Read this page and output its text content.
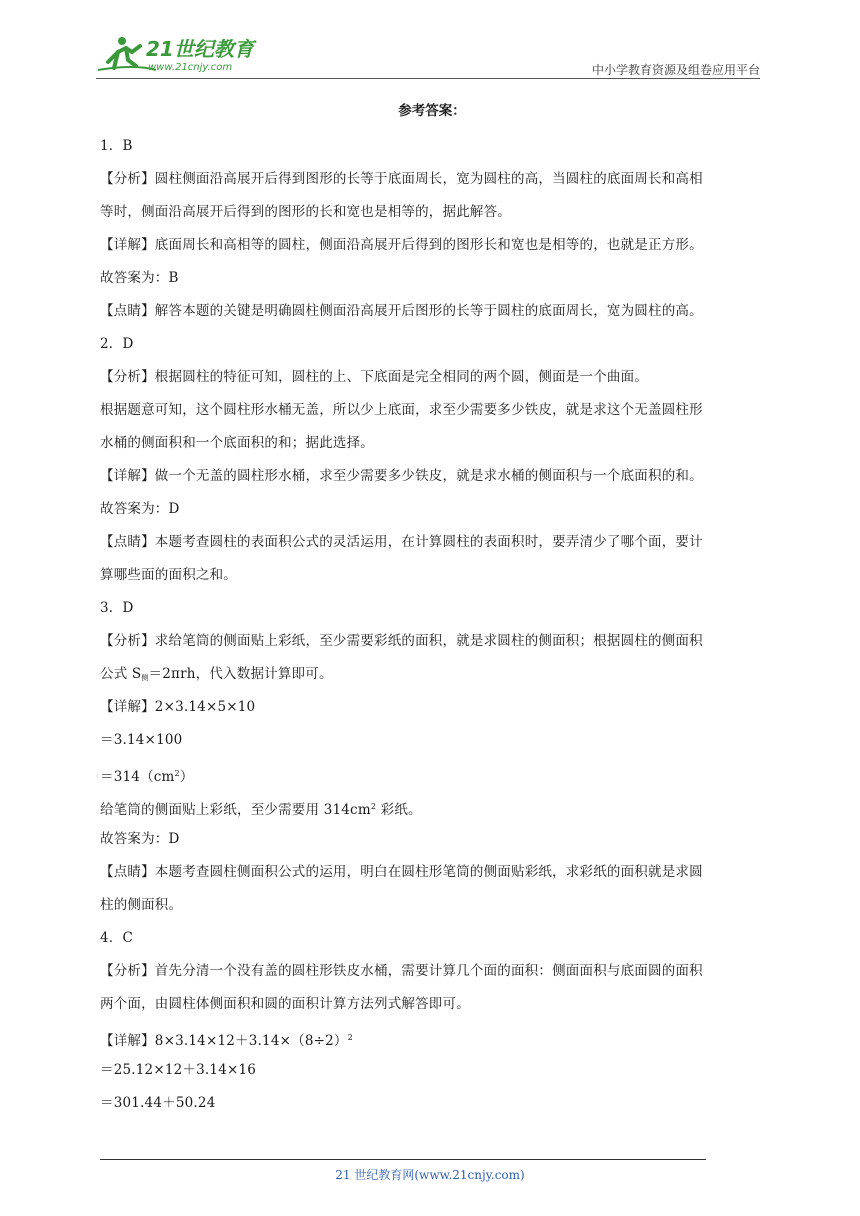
21世纪教育
www.21cnjy.com	中小学教育资源及组卷应用平台
参考答案：
1．B
【分析】圆柱侧面沿高展开后得到图形的长等于底面周长，宽为圆柱的高，当圆柱的底面周长和高相
等时，侧面沿高展开后得到的图形的长和宽也是相等的，据此解答。
【详解】底面周长和高相等的圆柱，侧面沿高展开后得到的图形长和宽也是相等的，也就是正方形。
故答案为：B
【点睛】解答本题的关键是明确圆柱侧面沿高展开后图形的长等于圆柱的底面周长，宽为圆柱的高。
2．D
【分析】根据圆柱的特征可知，圆柱的上、下底面是完全相同的两个圆，侧面是一个曲面。
根据题意可知，这个圆柱形水桶无盖，所以少上底面，求至少需要多少铁皮，就是求这个无盖圆柱形
水桶的侧面积和一个底面积的和；据此选择。
【详解】做一个无盖的圆柱形水桶，求至少需要多少铁皮，就是求水桶的侧面积与一个底面积的和。
故答案为：D
【点睛】本题考查圆柱的表面积公式的灵活运用，在计算圆柱的表面积时，要弄清少了哪个面，要计
算哪些面的面积之和。
3．D
【分析】求给笔筒的侧面贴上彩纸，至少需要彩纸的面积，就是求圆柱的侧面积；根据圆柱的侧面积
公式 $S_侧=2\pi rh$，代入数据计算即可。
【详解】2×3.14×5×10
＝3.14×100
$=314(cm^2)$
给笔筒的侧面贴上彩纸，至少需要用 $314cm^2$ 彩纸。
故答案为：D
【点睛】本题考查圆柱侧面积公式的运用，明白在圆柱形笔筒的侧面贴彩纸，求彩纸的面积就是求圆
柱的侧面积。
4．C
【分析】首先分清一个没有盖的圆柱形铁皮水桶，需要计算几个面的面积：侧面面积与底面圆的面积
两个面，由圆柱体侧面积和圆的面积计算方法列式解答即可。
【详解】$8\times 3.14\times 12+3.14\times(8\div 2)^2$
＝25.12×12＋3.14×16
＝301.44＋50.24
21 世纪教育网(www.21cnjy.com)
